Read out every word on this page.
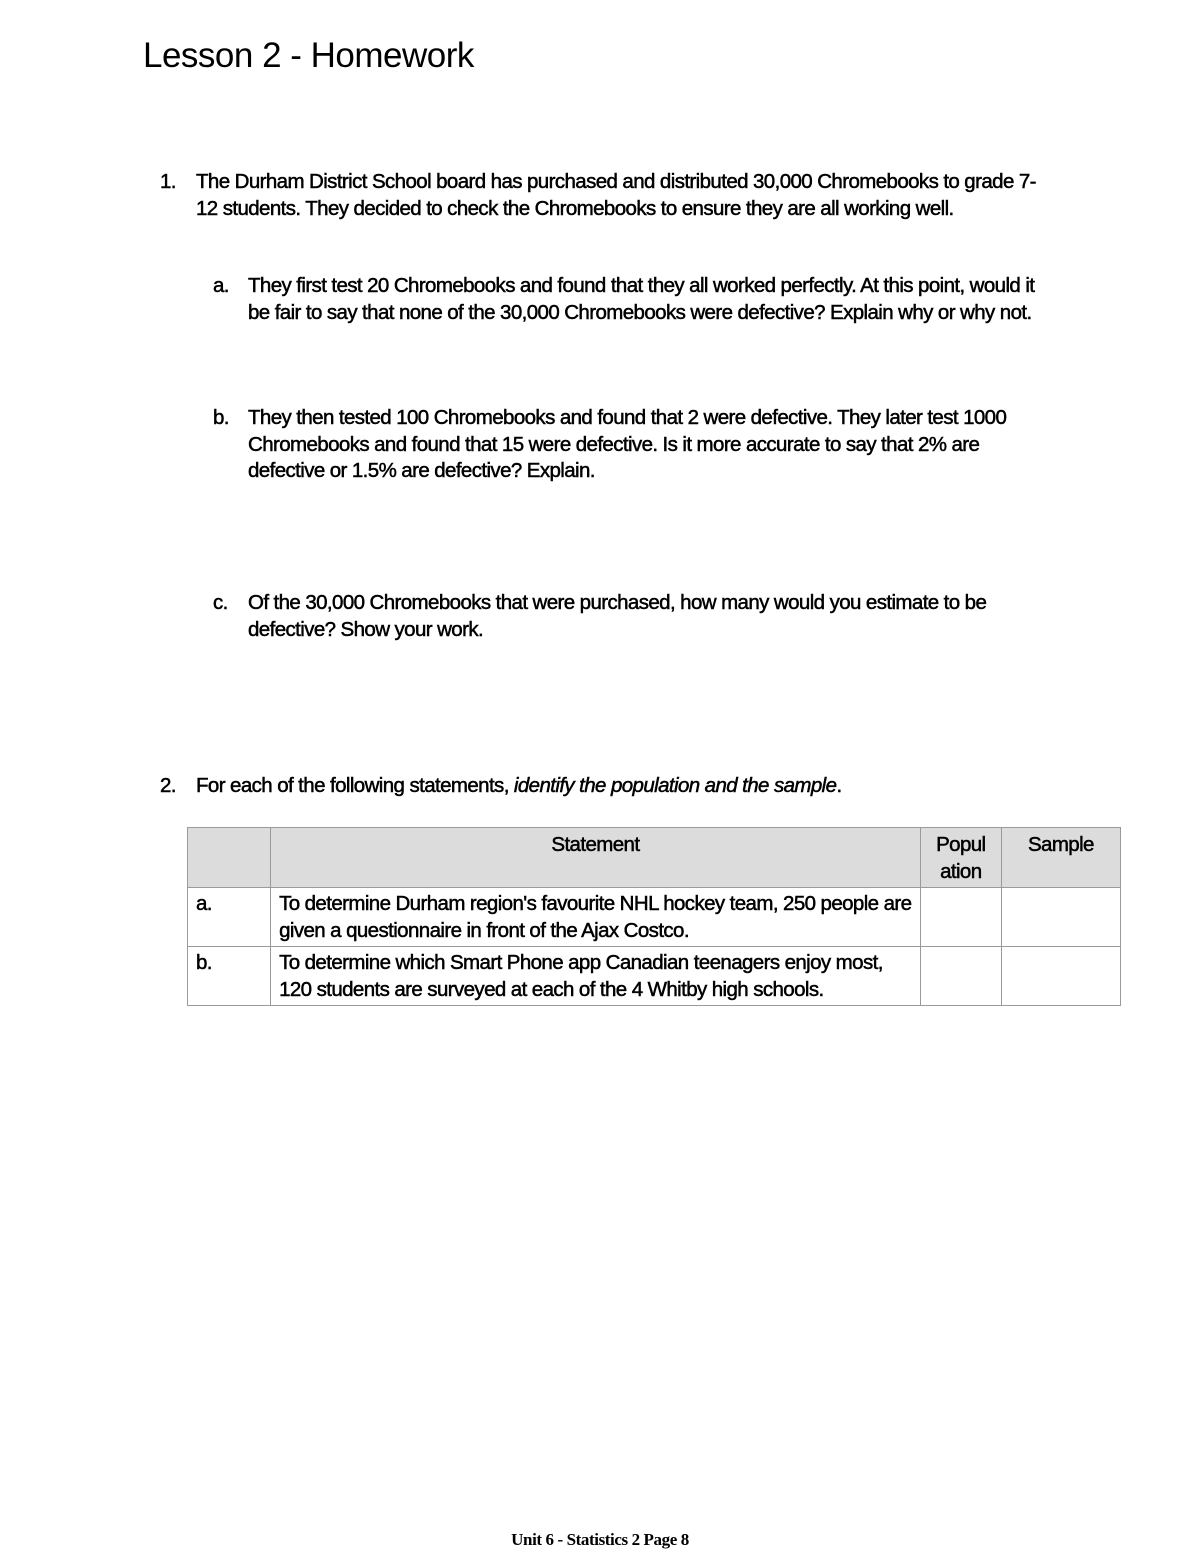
Lesson 2 - Homework
1. The Durham District School board has purchased and distributed 30,000 Chromebooks to grade 7-12 students. They decided to check the Chromebooks to ensure they are all working well.
a. They first test 20 Chromebooks and found that they all worked perfectly. At this point, would it be fair to say that none of the 30,000 Chromebooks were defective? Explain why or why not.
b. They then tested 100 Chromebooks and found that 2 were defective. They later test 1000 Chromebooks and found that 15 were defective. Is it more accurate to say that 2% are defective or 1.5% are defective? Explain.
c. Of the 30,000 Chromebooks that were purchased, how many would you estimate to be defective? Show your work.
2. For each of the following statements, identify the population and the sample.
	Statement	Popul ation	Sample
a.	To determine Durham region's favourite NHL hockey team, 250 people are given a questionnaire in front of the Ajax Costco.		
b.	To determine which Smart Phone app Canadian teenagers enjoy most, 120 students are surveyed at each of the 4 Whitby high schools.		
Unit 6 - Statistics 2 Page 8
